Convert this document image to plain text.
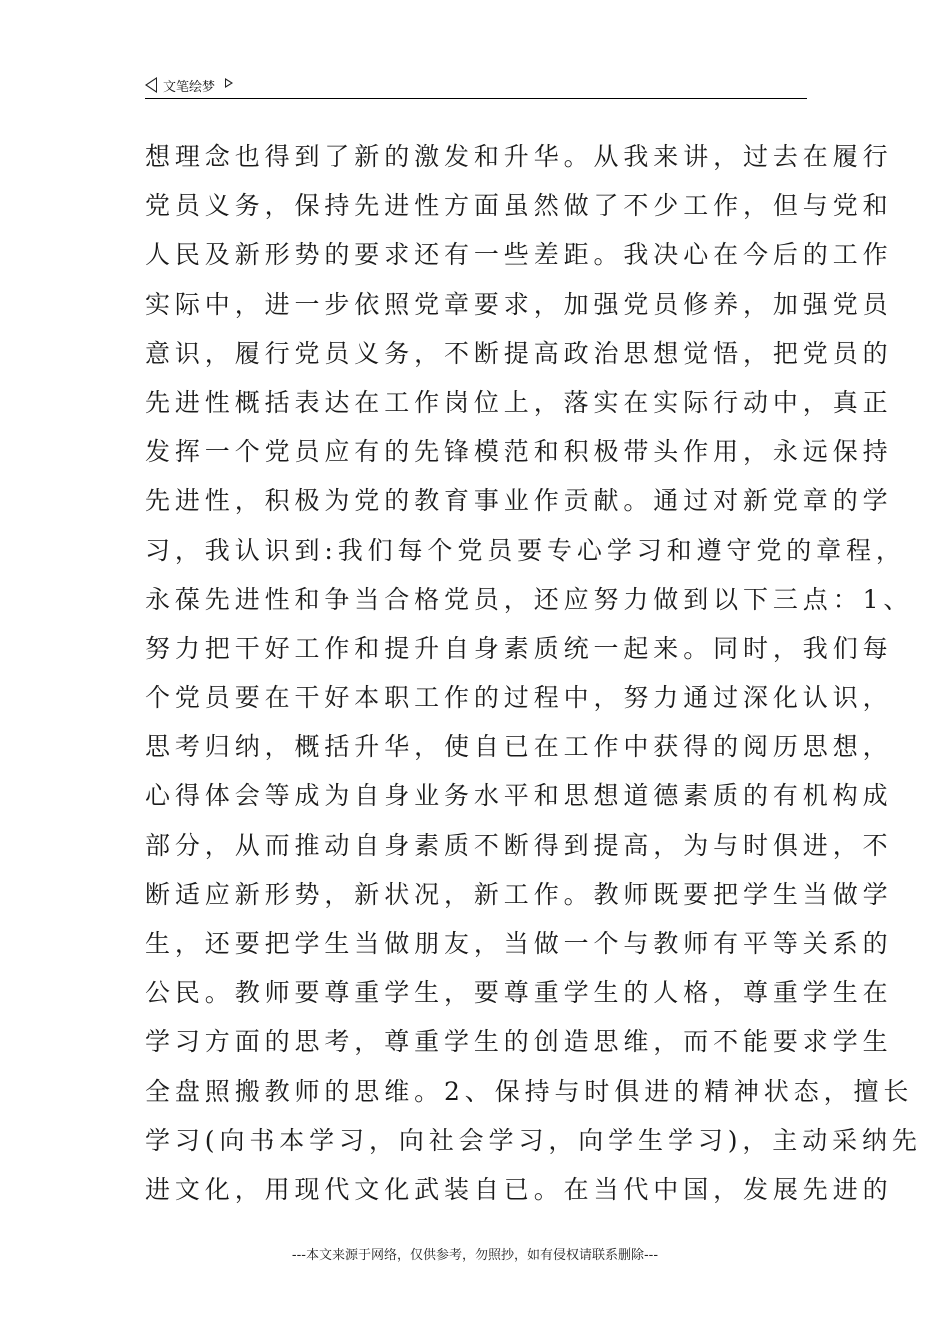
文笔绘梦
想理念也得到了新的激发和升华。从我来讲，过去在履行
党员义务，保持先进性方面虽然做了不少工作，但与党和
人民及新形势的要求还有一些差距。我决心在今后的工作
实际中，进一步依照党章要求，加强党员修养，加强党员
意识，履行党员义务，不断提高政治思想觉悟，把党员的
先进性概括表达在工作岗位上，落实在实际行动中，真正
发挥一个党员应有的先锋模范和积极带头作用，永远保持
先进性，积极为党的教育事业作贡献。通过对新党章的学
习，我认识到:我们每个党员要专心学习和遵守党的章程，
永葆先进性和争当合格党员，还应努力做到以下三点：1、
努力把干好工作和提升自身素质统一起来。同时，我们每
个党员要在干好本职工作的过程中，努力通过深化认识，
思考归纳，概括升华，使自已在工作中获得的阅历思想，
心得体会等成为自身业务水平和思想道德素质的有机构成
部分，从而推动自身素质不断得到提高，为与时俱进，不
断适应新形势，新状况，新工作。教师既要把学生当做学
生，还要把学生当做朋友，当做一个与教师有平等关系的
公民。教师要尊重学生，要尊重学生的人格，尊重学生在
学习方面的思考，尊重学生的创造思维，而不能要求学生
全盘照搬教师的思维。2、保持与时俱进的精神状态，擅长
学习(向书本学习，向社会学习，向学生学习)，主动采纳先
进文化，用现代文化武装自已。在当代中国，发展先进的
---本文来源于网络，仅供参考，勿照抄，如有侵权请联系删除---
